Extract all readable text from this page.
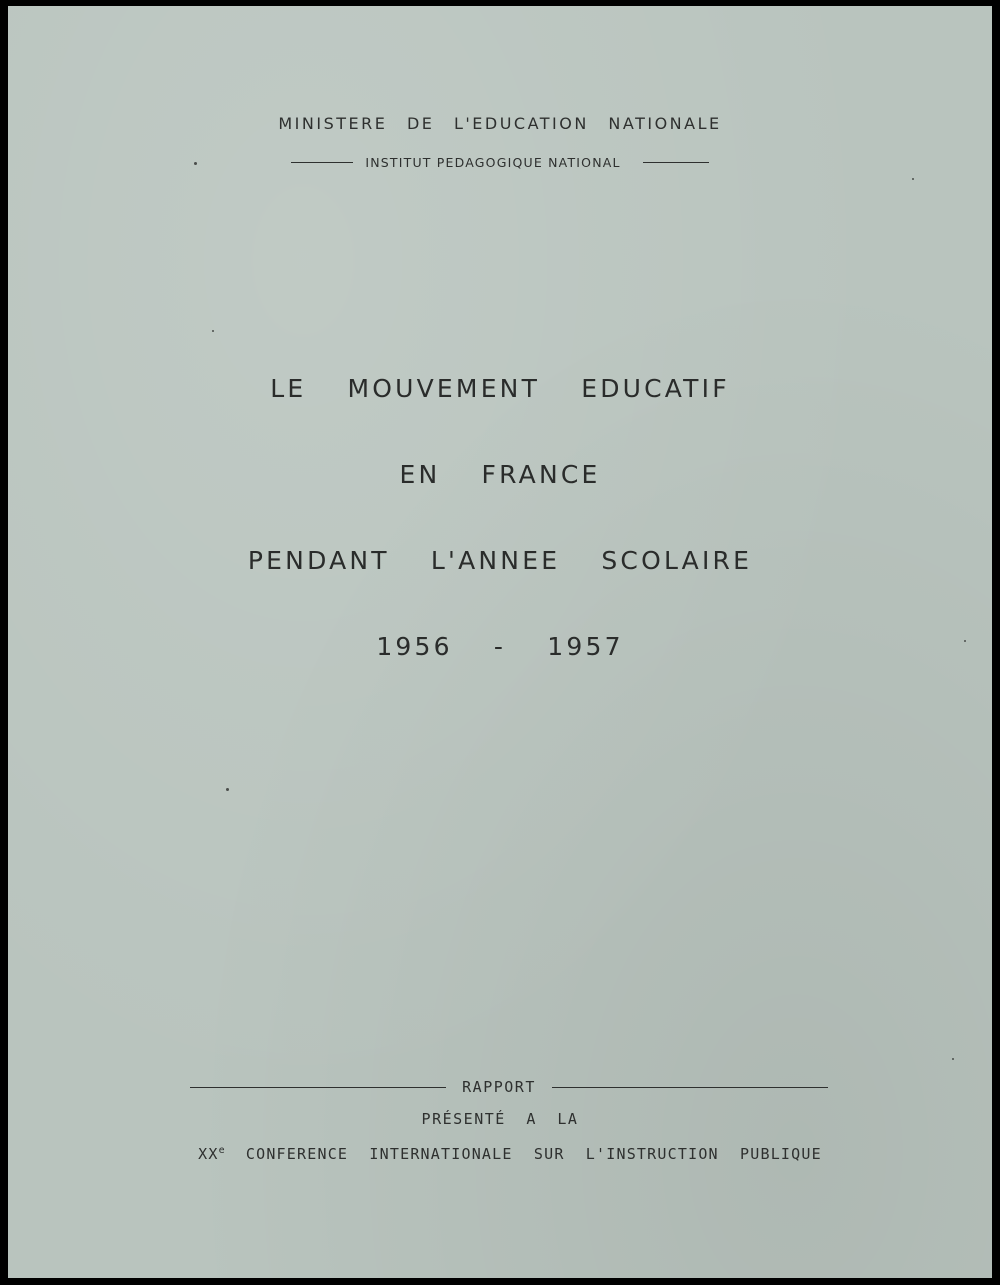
MINISTERE DE L'EDUCATION NATIONALE
INSTITUT PEDAGOGIQUE NATIONAL
LE MOUVEMENT EDUCATIF
EN FRANCE
PENDANT L'ANNEE SCOLAIRE
1956 - 1957
RAPPORT
PRÉSENTÉ A LA
XXe CONFERENCE INTERNATIONALE SUR L'INSTRUCTION PUBLIQUE
